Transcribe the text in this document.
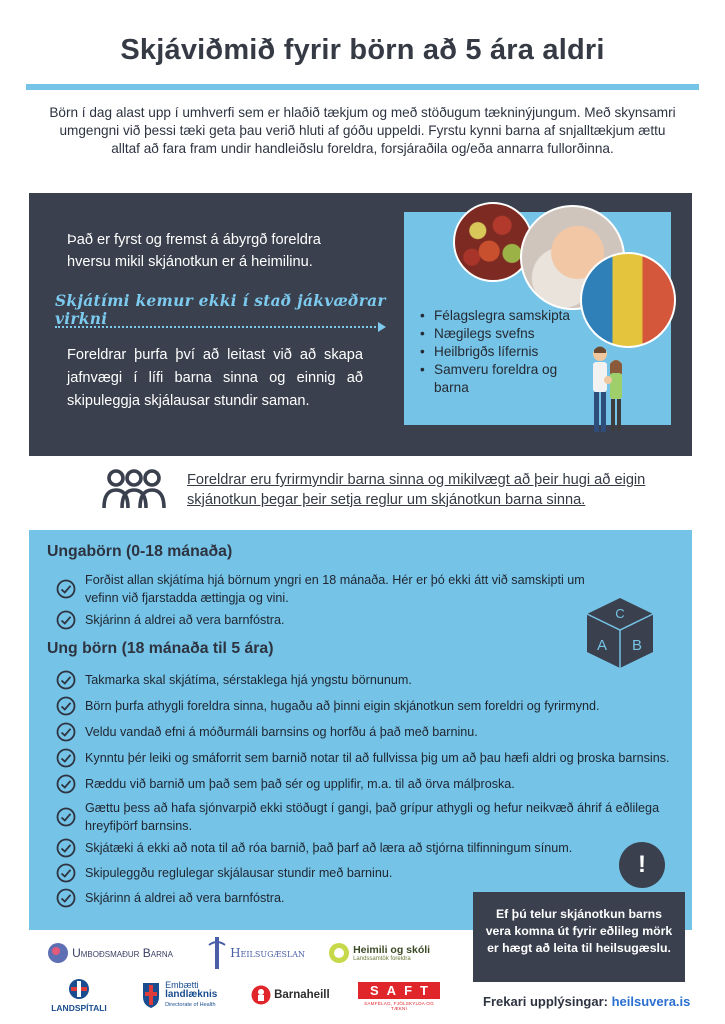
Skjáviðmið fyrir börn að 5 ára aldri

Börn í dag alast upp í umhverfi sem er hlaðið tækjum og með stöðugum tækninýjungum. Með skynsamri umgengni við þessi tæki geta þau verið hluti af góðu uppeldi. Fyrstu kynni barna af snjalltækjum ættu alltaf að fara fram undir handleiðslu foreldra, forsjáraðila og/eða annarra fullorðinna.

Það er fyrst og fremst á ábyrgð foreldra hversu mikil skjánotkun er á heimilinu.

Skjátími kemur ekki í stað jákvæðrar virkni

Foreldrar þurfa því að leitast við að skapa jafnvægi í lífi barna sinna og einnig að skipuleggja skjálausar stundir saman.

• Félagslegra samskipta
• Nægilegs svefns
• Heilbrigðs lífernis
• Samveru foreldra og barna

Foreldrar eru fyrirmyndir barna sinna og mikilvægt að þeir hugi að eigin skjánotkun þegar þeir setja reglur um skjánotkun barna sinna.

Ungabörn (0-18 mánaða)
Forðist allan skjátíma hjá börnum yngri en 18 mánaða. Hér er þó ekki átt við samskipti um vefinn við fjarstadda ættingja og vini.
Skjárinn á aldrei að vera barnfóstra.	C
A B
Ung börn (18 mánaða til 5 ára)
Takmarka skal skjátíma, sérstaklega hjá yngstu börnunum.
Börn þurfa athygli foreldra sinna, hugaðu að þinni eigin skjánotkun sem foreldri og fyrirmynd.
Veldu vandað efni á móðurmáli barnsins og horfðu á það með barninu.
Kynntu þér leiki og smáforrit sem barnið notar til að fullvissa þig um að þau hæfi aldri og þroska barnsins.
Ræddu við barnið um það sem það sér og upplifir, m.a. til að örva málþroska.
Gættu þess að hafa sjónvarpið ekki stöðugt í gangi, það grípur athygli og hefur neikvæð áhrif á eðlilega hreyfiþörf barnsins.
Skjátæki á ekki að nota til að róa barnið, það þarf að læra að stjórna tilfinningum sínum.
Skipuleggðu reglulegar skjálausar stundir með barninu.
Skjárinn á aldrei að vera barnfóstra.
!
Ef þú telur skjánotkun barns vera komna út fyrir eðlileg mörk er hægt að leita til heilsugæslu.
Umboðsmaður Barna	Heilsugæslan
	Heimili og skóli
Landssamtök foreldra
LANDSPÍTALI

Embætti
landlæknis
Directorate of Health
Barnaheill	SAFT
SAMFÉLAG, FJÖLSKYLDA OG TÆKNI	Frekari upplýsingar: heilsuvera.is
